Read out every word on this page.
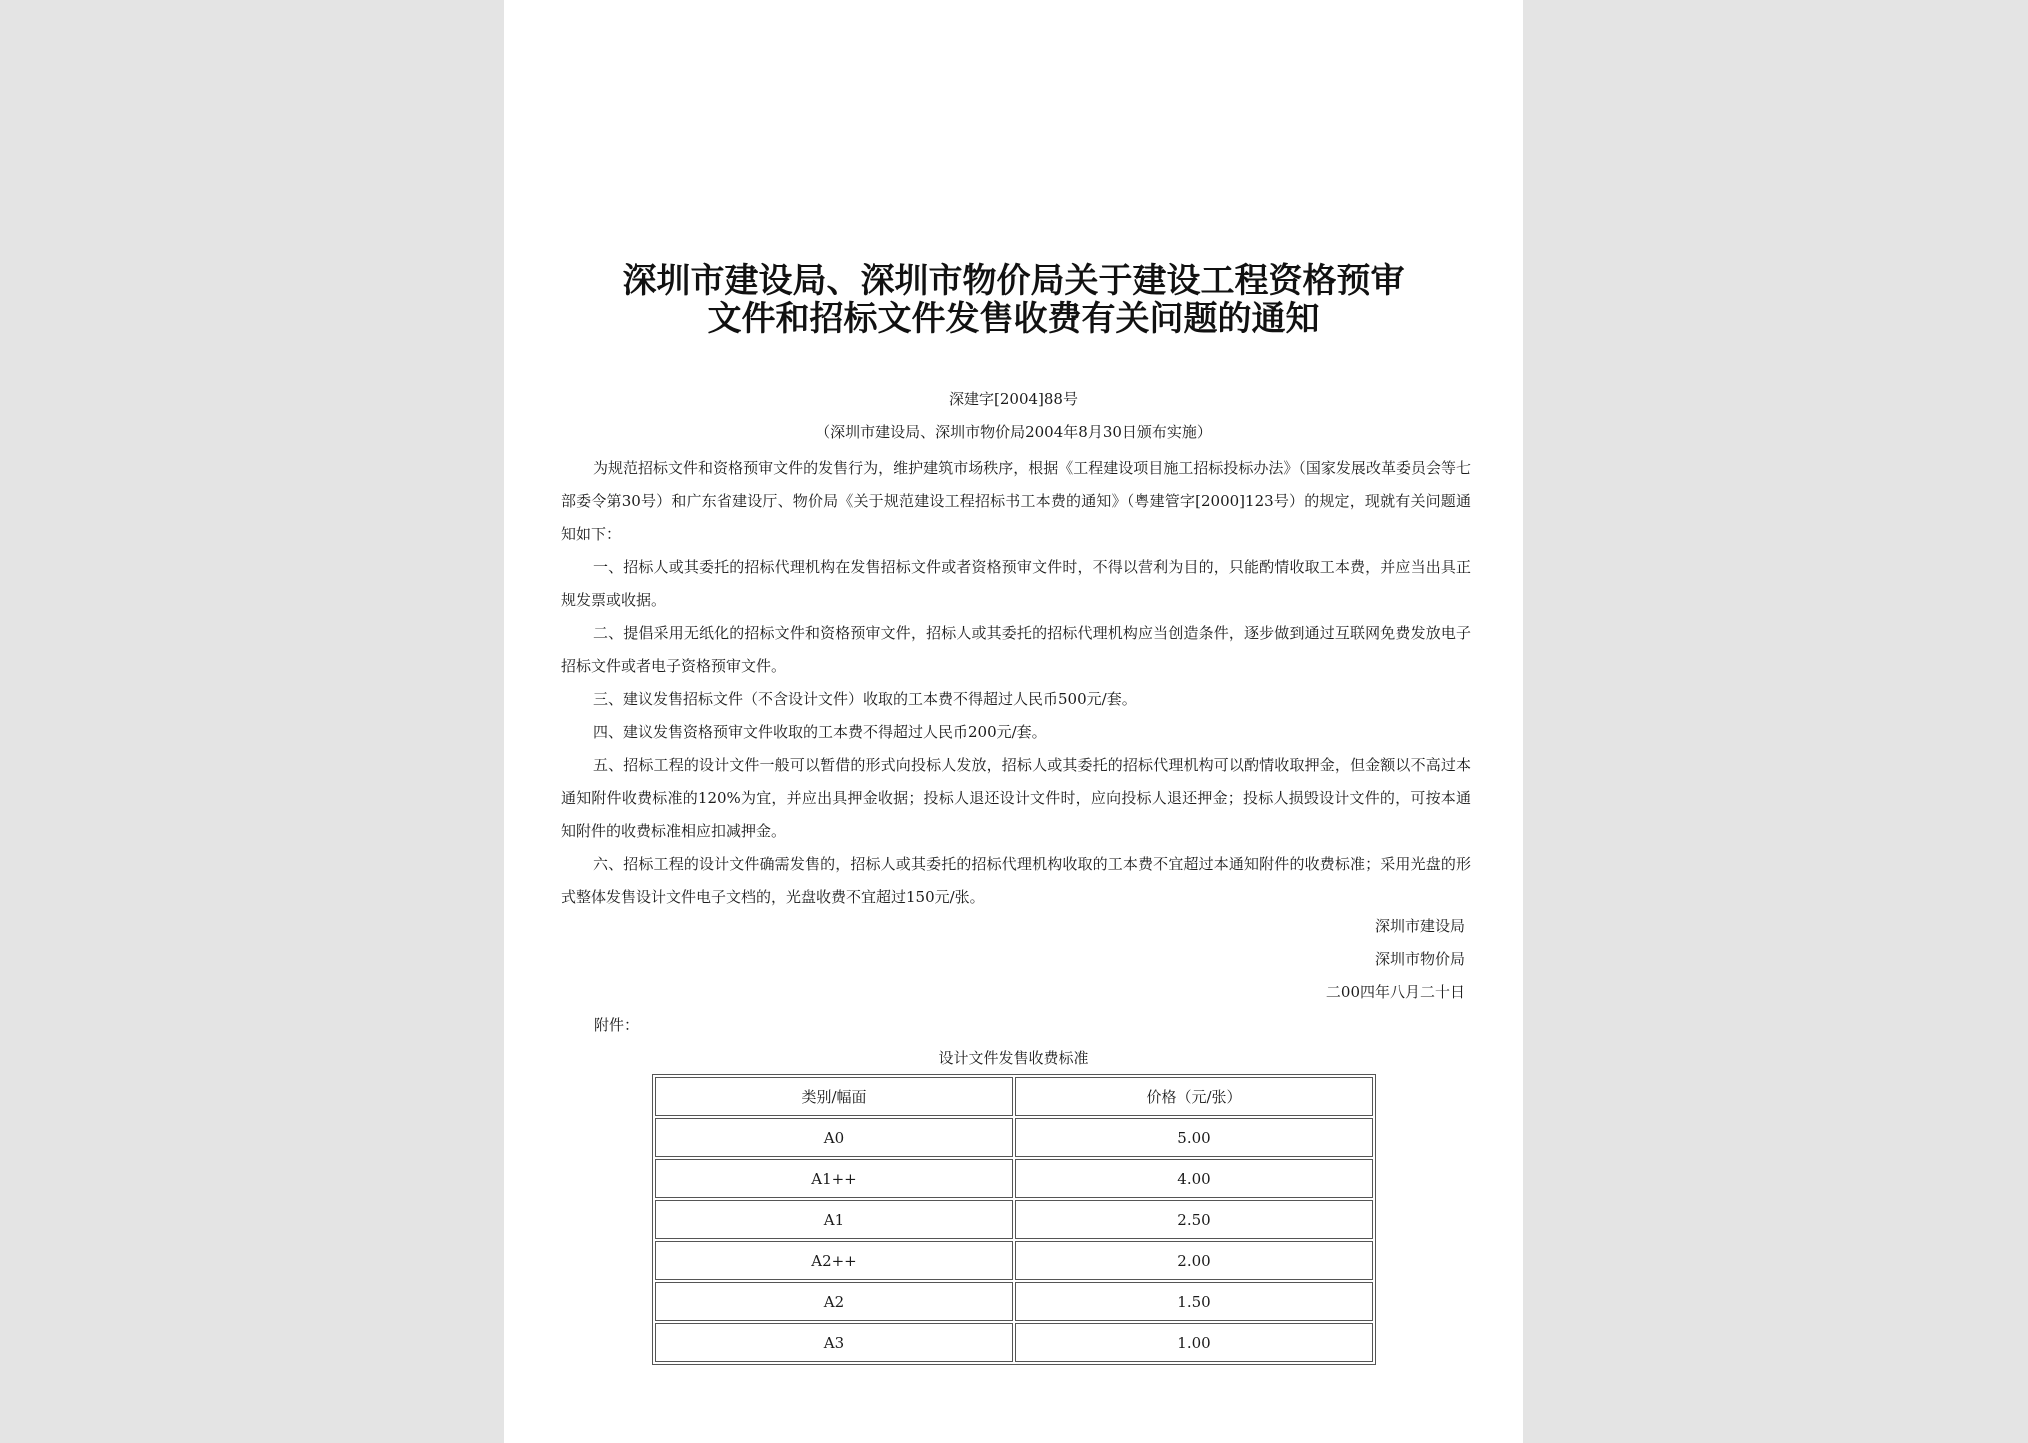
深圳市建设局、深圳市物价局关于建设工程资格预审
文件和招标文件发售收费有关问题的通知
深建字[2004]88号
（深圳市建设局、深圳市物价局2004年8月30日颁布实施）

为规范招标文件和资格预审文件的发售行为，维护建筑市场秩序，根据《工程建设项目施工招标投标办法》（国家发展改革委员会等七部委令第30号）和广东省建设厅、物价局《关于规范建设工程招标书工本费的通知》（粤建管字[2000]123号）的规定，现就有关问题通知如下：

一、招标人或其委托的招标代理机构在发售招标文件或者资格预审文件时，不得以营利为目的，只能酌情收取工本费，并应当出具正规发票或收据。

二、提倡采用无纸化的招标文件和资格预审文件，招标人或其委托的招标代理机构应当创造条件，逐步做到通过互联网免费发放电子招标文件或者电子资格预审文件。

三、建议发售招标文件（不含设计文件）收取的工本费不得超过人民币500元/套。

四、建议发售资格预审文件收取的工本费不得超过人民币200元/套。

五、招标工程的设计文件一般可以暂借的形式向投标人发放，招标人或其委托的招标代理机构可以酌情收取押金，但金额以不高过本通知附件收费标准的120%为宜，并应出具押金收据；投标人退还设计文件时，应向投标人退还押金；投标人损毁设计文件的，可按本通知附件的收费标准相应扣减押金。

六、招标工程的设计文件确需发售的，招标人或其委托的招标代理机构收取的工本费不宜超过本通知附件的收费标准；采用光盘的形式整体发售设计文件电子文档的，光盘收费不宜超过150元/张。

深圳市建设局
深圳市物价局
二00四年八月二十日
附件：
设计文件发售收费标准
类别/幅面	价格（元/张）
A0	5.00
A1++	4.00
A1	2.50
A2++	2.00
A2	1.50
A3	1.00
